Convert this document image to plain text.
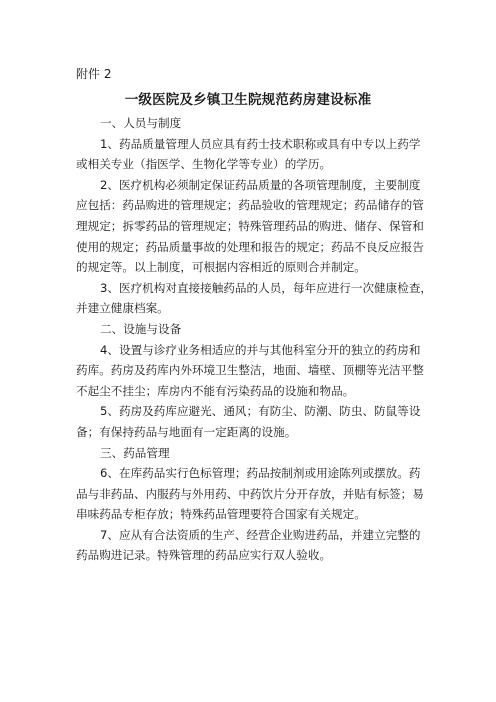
附件 2
一级医院及乡镇卫生院规范药房建设标准
一、人员与制度
1、药品质量管理人员应具有药士技术职称或具有中专以上药学
或相关专业（指医学、生物化学等专业）的学历。
2、医疗机构必须制定保证药品质量的各项管理制度，主要制度
应包括：药品购进的管理规定；药品验收的管理规定；药品储存的管
理规定；拆零药品的管理规定；特殊管理药品的购进、储存、保管和
使用的规定；药品质量事故的处理和报告的规定；药品不良反应报告
的规定等。以上制度，可根据内容相近的原则合并制定。
3、医疗机构对直接接触药品的人员，每年应进行一次健康检查，
并建立健康档案。
二、设施与设备
4、设置与诊疗业务相适应的并与其他科室分开的独立的药房和
药库。药房及药库内外环境卫生整洁，地面、墙壁、顶棚等光洁平整
不起尘不挂尘；库房内不能有污染药品的设施和物品。
5、药房及药库应避光、通风；有防尘、防潮、防虫、防鼠等设
备；有保持药品与地面有一定距离的设施。
三、药品管理
6、在库药品实行色标管理；药品按制剂或用途陈列或摆放。药
品与非药品、内服药与外用药、中药饮片分开存放，并贴有标签；易
串味药品专柜存放；特殊药品管理要符合国家有关规定。
7、应从有合法资质的生产、经营企业购进药品，并建立完整的
药品购进记录。特殊管理的药品应实行双人验收。
